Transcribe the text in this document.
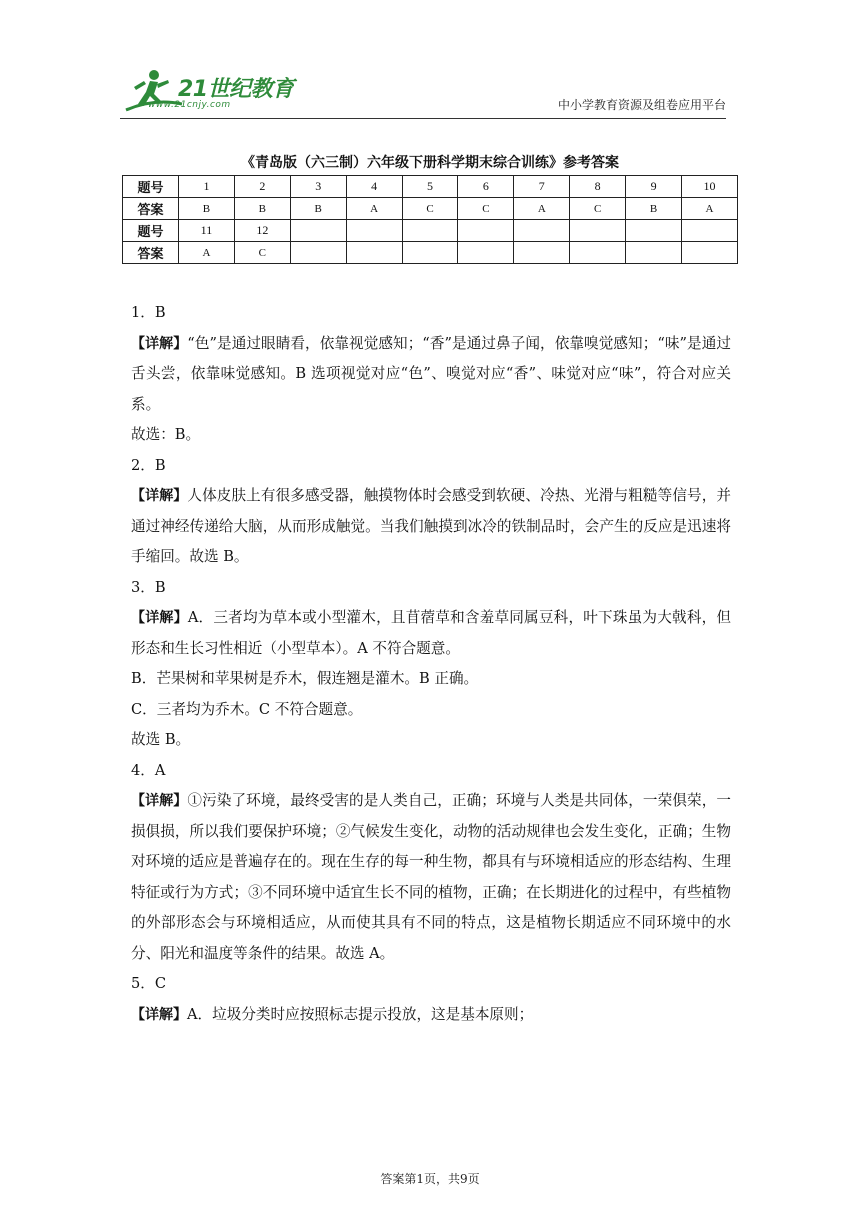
21世纪教育
www.21cnjy.com	中小学教育资源及组卷应用平台
《青岛版（六三制）六年级下册科学期末综合训练》参考答案
题号	1	2	3	4	5	6	7	8	9	10
答案	B	B	B	A	C	C	A	C	B	A
题号	11	12								
答案	A	C								

1．B

【详解】“色”是通过眼睛看，依靠视觉感知；“香”是通过鼻子闻，依靠嗅觉感知；“味”是通过舌头尝，依靠味觉感知。B 选项视觉对应“色”、嗅觉对应“香”、味觉对应“味”，符合对应关系。

故选：B。

2．B

【详解】人体皮肤上有很多感受器，触摸物体时会感受到软硬、冷热、光滑与粗糙等信号，并通过神经传递给大脑，从而形成触觉。当我们触摸到冰冷的铁制品时，会产生的反应是迅速将手缩回。故选 B。

3．B

【详解】A．三者均为草本或小型灌木，且苜蓿草和含羞草同属豆科，叶下珠虽为大戟科，但形态和生长习性相近（小型草本）。A 不符合题意。

B．芒果树和苹果树是乔木，假连翘是灌木。B 正确。

C．三者均为乔木。C 不符合题意。

故选 B。

4．A

【详解】①污染了环境，最终受害的是人类自己，正确；环境与人类是共同体，一荣俱荣，一损俱损，所以我们要保护环境；②气候发生变化，动物的活动规律也会发生变化，正确；生物对环境的适应是普遍存在的。现在生存的每一种生物，都具有与环境相适应的形态结构、生理特征或行为方式；③不同环境中适宜生长不同的植物，正确；在长期进化的过程中，有些植物的外部形态会与环境相适应，从而使其具有不同的特点，这是植物长期适应不同环境中的水分、阳光和温度等条件的结果。故选 A。

5．C

【详解】A．垃圾分类时应按照标志提示投放，这是基本原则；

答案第1页，共9页
